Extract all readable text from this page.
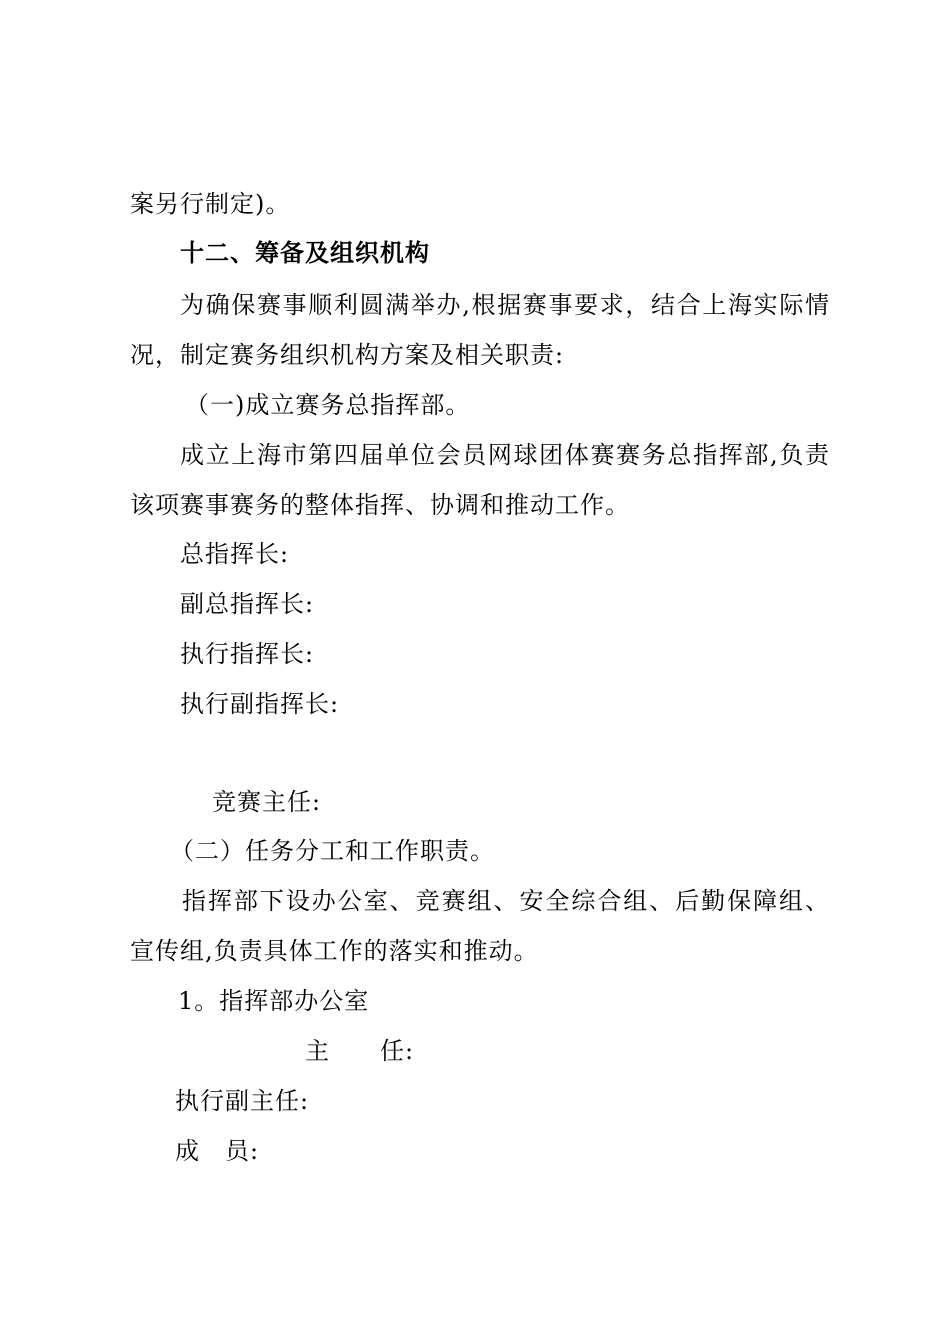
案另行制定)。
十二、筹备及组织机构
为确保赛事顺利圆满举办,根据赛事要求，结合上海实际情
况，制定赛务组织机构方案及相关职责:
（一)成立赛务总指挥部。
成立上海市第四届单位会员网球团体赛赛务总指挥部,负责
该项赛事赛务的整体指挥、协调和推动工作。
总指挥长:
副总指挥长:
执行指挥长:
执行副指挥长:
竞赛主任:
（二）任务分工和工作职责。
指挥部下设办公室、竞赛组、安全综合组、后勤保障组、
宣传组,负责具体工作的落实和推动。
1。指挥部办公室
主　　任:
执行副主任:
成　员:
